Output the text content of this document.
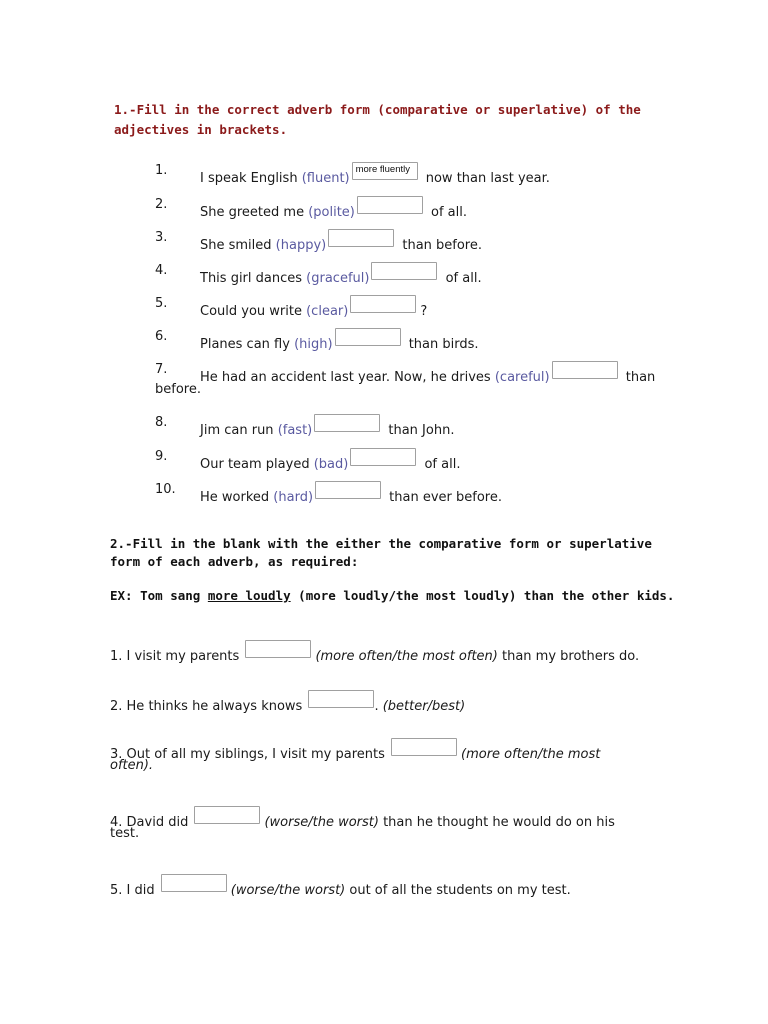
1.-Fill in the correct adverb form (comparative or superlative) of the
adjectives in brackets.
1.
I speak English (fluent)more fluently now than last year.
2.
She greeted me (polite)	of all.
3.
She smiled (happy)	than before.
4.
This girl dances (graceful)	of all.
5.
Could you write (clear)	?
6.
Planes can fly (high)	than birds.
7.
He had an accident last year. Now, he drives (careful)	than
before.
8.
Jim can run (fast)	than John.
9.
Our team played (bad)	of all.
10.
He worked (hard)	than ever before.
2.-Fill in the blank with the either the comparative form or superlative
form of each adverb, as required:
EX: Tom sang more loudly (more loudly/the most loudly) than the other kids.
1. I visit my parents	(more often/the most often) than my brothers do.
2. He thinks he always knows	. (better/best)
3. Out of all my siblings, I visit my parents	(more often/the most
often).
4. David did	(worse/the worst) than he thought he would do on his
test.
5. I did	(worse/the worst) out of all the students on my test.
